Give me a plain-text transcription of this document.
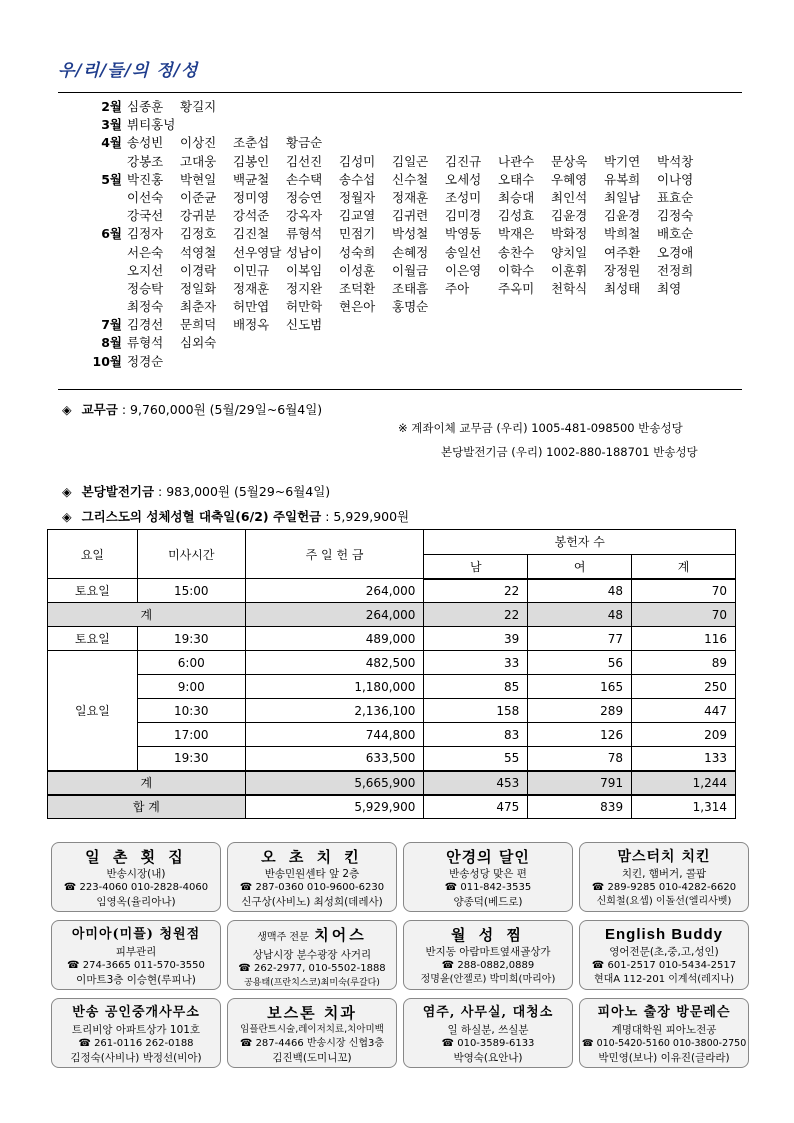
우/리/들/의 정/성
2월 심종훈	황길지
3월 뷔티홍넝
4월 송성빈	이상진	조춘섭	황금순
강봉조	고대웅	김봉인	김선진	김성미	김일곤	김진규	나관수	문상욱	박기연	박석창
5월 박진홍	박현일	백균철	손수택	송수섭	신수철	오세성	오태수	우혜영	유복희	이나영
이선숙	이준균	정미영	정승연	정월자	정재훈	조성미	최승대	최인석	최일남	표효순
강국선	강귀분	강석준	강옥자	김교열	김귀련	김미경	김성효	김윤경	김윤경	김정숙
6월 김정자	김정호	김진철	류형석	민점기	박성철	박영동	박재은	박화정	박희철	배호순
서은숙	석영철	선우영달 성남이	성숙희	손혜정	송일선	송찬수	양치일	여주환	오경애
오지선	이경락	이민규	이복임	이성훈	이월금	이은영	이학수	이훈휘	장정원	전정희
정승탁	정일화	정재훈	정지완	조덕환	조태흠	주아	주옥미	천학식	최성태	최영
최정숙	최춘자	허만엽	허만학	현은아	홍명순
7월 김경선	문희덕	배정옥	신도범
8월 류형석	심외숙
10월 정경순
◈ 교무금 : 9,760,000원 (5월/29일~6월4일)
※ 계좌이체 교무금 (우리) 1005-481-098500 반송성당
본당발전기금 (우리) 1002-880-188701 반송성당
◈ 본당발전기금 : 983,000원 (5월29~6월4일)
◈ 그리스도의 성체성혈 대축일(6/2) 주일헌금 : 5,929,900원
요일	미사시간	주 일 헌 금	봉헌자 수		
			남	여	계
토요일	15:00	264,000	22	48	70
계		264,000	22	48	70
토요일	19:30	489,000	39	77	116
일요일	6:00	482,500	33	56	89
	9:00	1,180,000	85	165	250
	10:30	2,136,100	158	289	447
	17:00	744,800	83	126	209
	19:30	633,500	55	78	133
계		5,665,900	453	791	1,244
합 계		5,929,900	475	839	1,314
일 촌 횟 집
반송시장(내)
☎ 223-4060 010-2828-4060
임영옥(율리아나)
오 초 치 킨
반송민원센타 앞 2층
☎ 287-0360 010-9600-6230
신구상(사비노) 최성희(데레사)
안경의 달인
반송성당 맞은 편
☎ 011-842-3535
양종덕(베드로)
맘스터치 치킨
치킨, 햄버거, 콜팝
☎ 289-9285 010-4282-6620
신희철(요셉) 이돌선(엘리사벳)
아미아(미플) 청원점
피부관리
☎ 274-3665 011-570-3550
이마트3층 이승현(루피나)
생맥주 전문 치어스
상남시장 분수광장 사거리
☎ 262-2977, 010-5502-1888
공용태(프란치스코)최미숙(루갈다)
월 성 찜
반지동 아람마트옆새골상가
☎ 288-0882,0889
정명윤(안젤로) 박미희(마리아)
English Buddy
영어전문(초,중,고,성인)
☎ 601-2517 010-5434-2517
현대A 112-201 이계석(레지나)
반송 공인중개사무소
트리비앙 아파트상가 101호
☎ 261-0116 262-0188
김정숙(사비나) 박정선(비아)
보스톤 치과
임플란트시술,레이저치료,치아미백
☎ 287-4466 반송시장 신협3층
김진백(도미니꼬)
염주, 사무실, 대청소
일 하실분, 쓰실분
☎ 010-3589-6133
박영숙(요안나)
피아노 출장 방문레슨
계명대학원 피아노전공
☎ 010-5420-5160 010-3800-2750
박민영(보나) 이유진(글라라)
